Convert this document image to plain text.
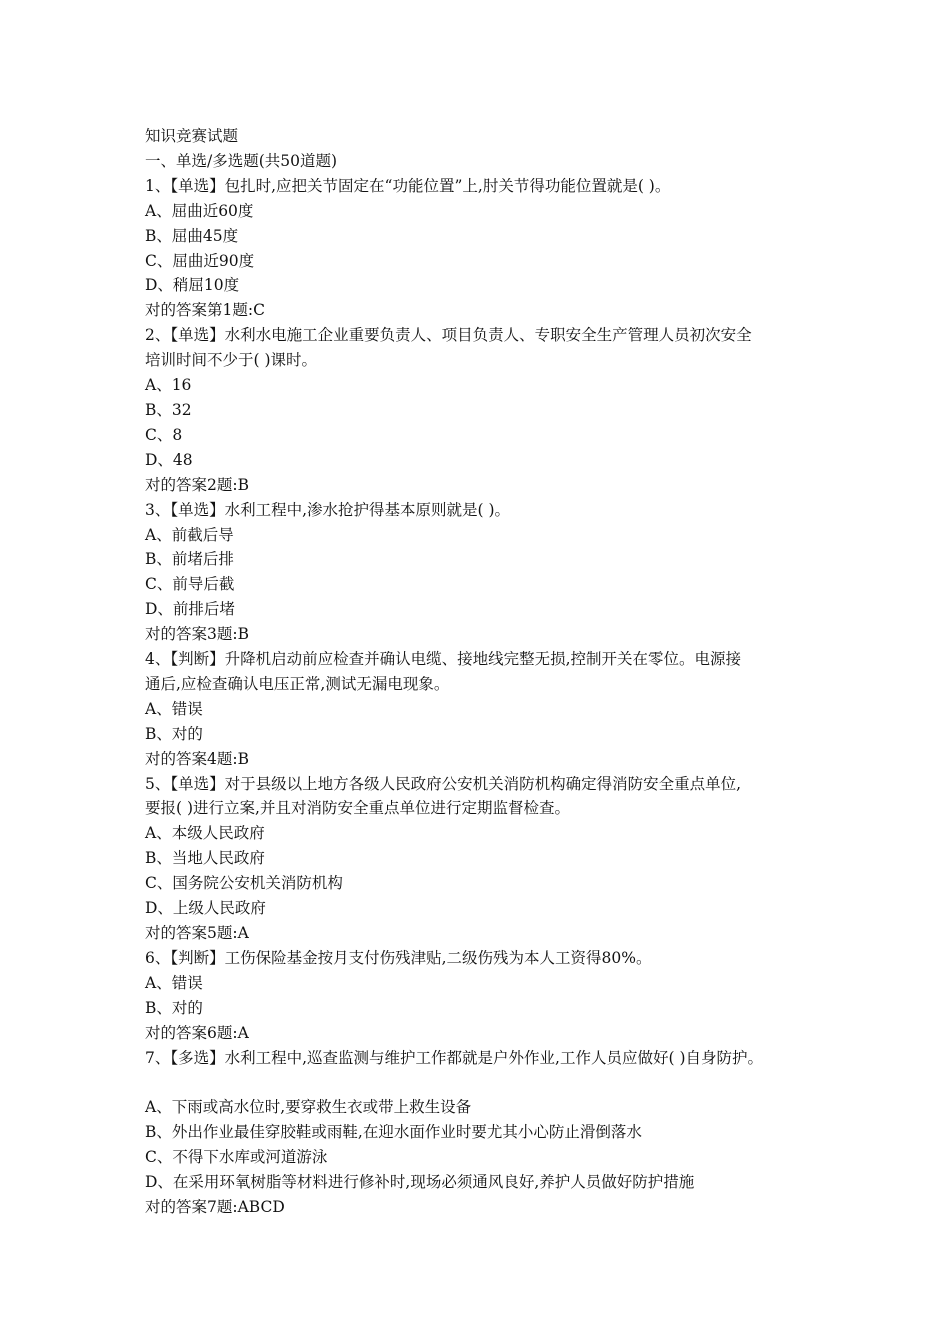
知识竞赛试题
一、单选/多选题(共50道题)
1、【单选】包扎时,应把关节固定在“功能位置”上,肘关节得功能位置就是( )。
A、屈曲近60度
B、屈曲45度
C、屈曲近90度
D、稍屈10度
对的答案第1题:C
2、【单选】水利水电施工企业重要负责人、项目负责人、专职安全生产管理人员初次安全
培训时间不少于( )课时。
A、16
B、32
C、8
D、48
对的答案2题:B
3、【单选】水利工程中,渗水抢护得基本原则就是( )。
A、前截后导
B、前堵后排
C、前导后截
D、前排后堵
对的答案3题:B
4、【判断】升降机启动前应检查并确认电缆、接地线完整无损,控制开关在零位。电源接
通后,应检查确认电压正常,测试无漏电现象。
A、错误
B、对的
对的答案4题:B
5、【单选】对于县级以上地方各级人民政府公安机关消防机构确定得消防安全重点单位,
要报( )进行立案,并且对消防安全重点单位进行定期监督检查。
A、本级人民政府
B、当地人民政府
C、国务院公安机关消防机构
D、上级人民政府
对的答案5题:A
6、【判断】工伤保险基金按月支付伤残津贴,二级伤残为本人工资得80%。
A、错误
B、对的
对的答案6题:A
7、【多选】水利工程中,巡查监测与维护工作都就是户外作业,工作人员应做好( )自身防护。
A、下雨或高水位时,要穿救生衣或带上救生设备
B、外出作业最佳穿胶鞋或雨鞋,在迎水面作业时要尤其小心防止滑倒落水
C、不得下水库或河道游泳
D、在采用环氧树脂等材料进行修补时,现场必须通风良好,养护人员做好防护措施
对的答案7题:ABCD
